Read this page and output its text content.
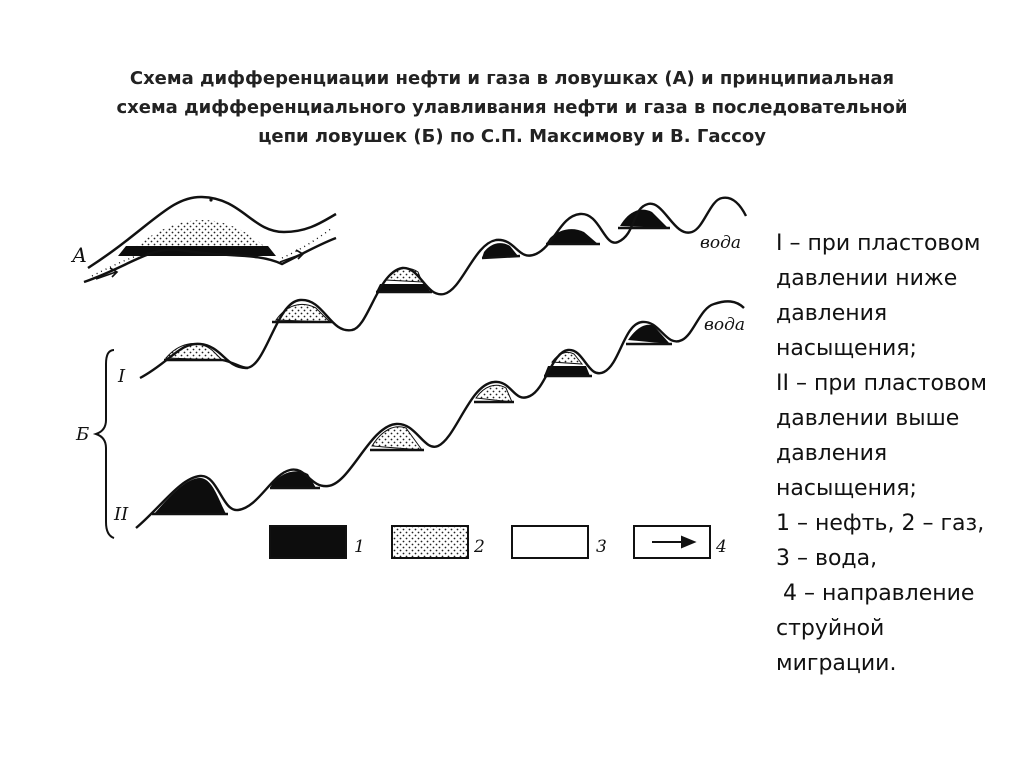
Схема дифференциации нефти и газа в ловушках (А) и принципиальная
схема дифференциального улавливания нефти и газа в последовательной
цепи ловушек (Б) по С.П. Максимову и В. Гассоу
А
I
вода
II
вода
Б
1	2	3	4
I – при пластовом
давлении ниже
давления
насыщения;
II – при пластовом
давлении выше
давления
насыщения;
1 – нефть, 2 – газ,
3 – вода,
4 – направление
струйной
миграции.
